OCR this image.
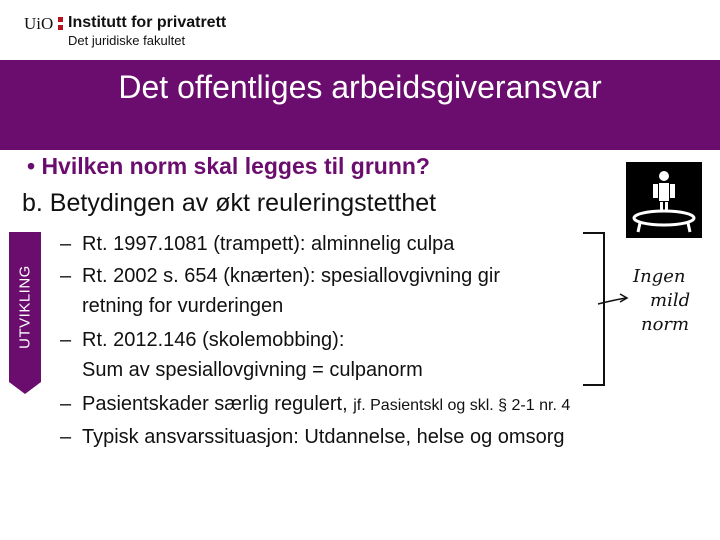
UiO Institutt for privatrett
Det juridiske fakultet
Det offentliges arbeidsgiveransvar
UTVIKLING
• Hvilken norm skal legges til grunn?
b. Betydingen av økt reuleringstetthet
– Rt. 1997.1081 (trampett): alminnelig culpa
– Rt. 2002 s. 654 (knærten): spesiallovgivning gir
retning for vurderingen
– Rt. 2012.146 (skolemobbing):
Sum av spesiallovgivning = culpanorm
– Pasientskader særlig regulert, jf. Pasientskl og skl. § 2-1 nr. 4
– Typisk ansvarssituasjon: Utdannelse, helse og omsorg
Ingen
mild
norm
